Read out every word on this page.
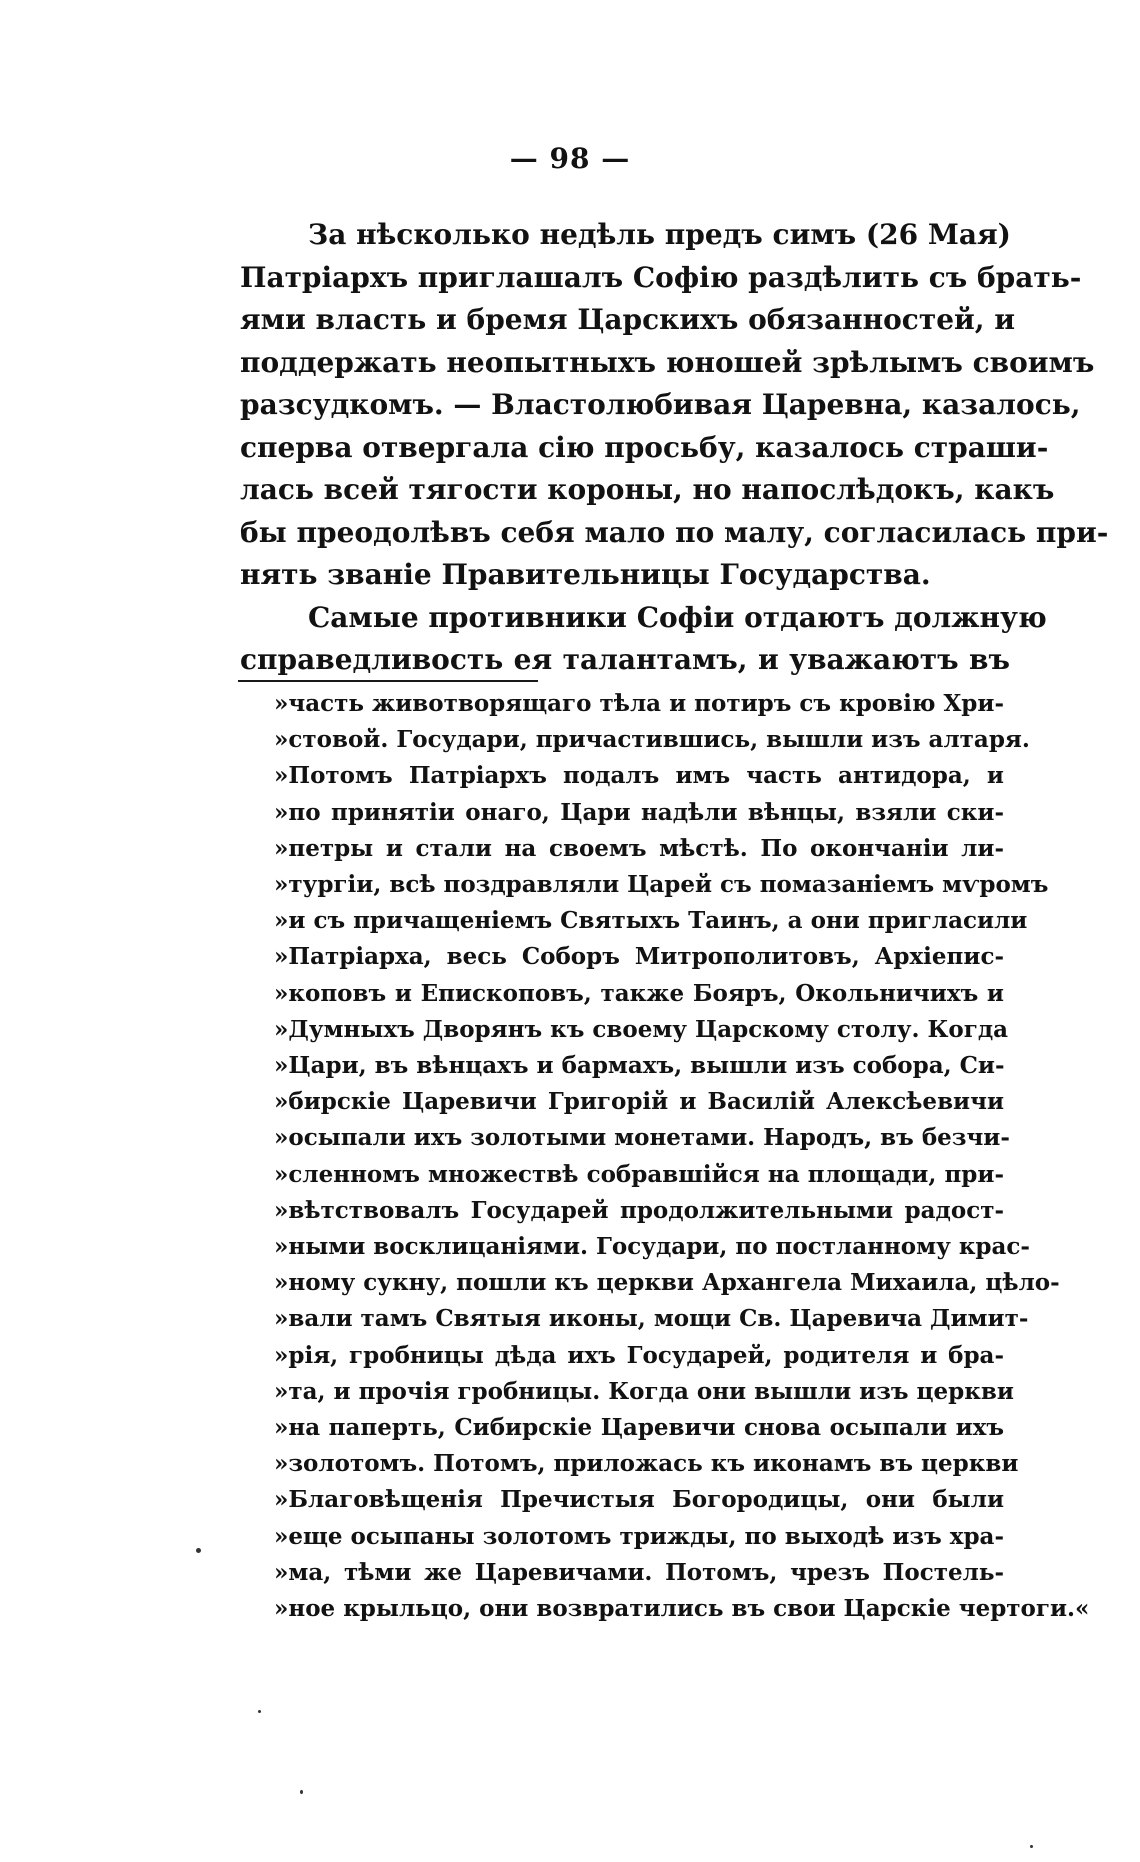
— 98 —
За нѣсколько недѣль предъ симъ (26 Мая)
Патріархъ приглашалъ Софію раздѣлить съ брать-
ями власть и бремя Царскихъ обязанностей, и
поддержать неопытныхъ юношей зрѣлымъ своимъ
разсудкомъ. — Властолюбивая Царевна, казалось,
сперва отвергала сію просьбу, казалось страши-
лась всей тягости короны, но напослѣдокъ, какъ
бы преодолѣвъ себя мало по малу, согласилась при-
нять званіе Правительницы Государства.
Самые противники Софіи отдаютъ должную
справедливость ея талантамъ, и уважаютъ въ
»часть животворящаго тѣла и потиръ съ кровію Хри-
»стовой. Государи, причастившись, вышли изъ алтаря.
»Потомъ Патріархъ подалъ имъ часть антидора, и
»по принятіи онаго, Цари надѣли вѣнцы, взяли ски-
»петры и стали на своемъ мѣстѣ. По окончаніи ли-
»тургіи, всѣ поздравляли Царей съ помазаніемъ мѵромъ
»и съ причащеніемъ Святыхъ Таинъ, а они пригласили
»Патріарха, весь Соборъ Митрополитовъ, Архіепис-
»коповъ и Епископовъ, также Бояръ, Окольничихъ и
»Думныхъ Дворянъ къ своему Царскому столу. Когда
»Цари, въ вѣнцахъ и бармахъ, вышли изъ собора, Си-
»бирскіе Царевичи Григорій и Василій Алексѣевичи
»осыпали ихъ золотыми монетами. Народъ, въ безчи-
»сленномъ множествѣ собравшійся на площади, при-
»вѣтствовалъ Государей продолжительными радост-
»ными восклицаніями. Государи, по постланному крас-
»ному сукну, пошли къ церкви Архангела Михаила, цѣло-
»вали тамъ Святыя иконы, мощи Св. Царевича Димит-
»рія, гробницы дѣда ихъ Государей, родителя и бра-
»та, и прочія гробницы. Когда они вышли изъ церкви
»на паперть, Сибирскіе Царевичи снова осыпали ихъ
»золотомъ. Потомъ, приложась къ иконамъ въ церкви
»Благовѣщенія Пречистыя Богородицы, они были
»еще осыпаны золотомъ трижды, по выходѣ изъ хра-
»ма, тѣми же Царевичами. Потомъ, чрезъ Постель-
»ное крыльцо, они возвратились въ свои Царскіе чертоги.«
